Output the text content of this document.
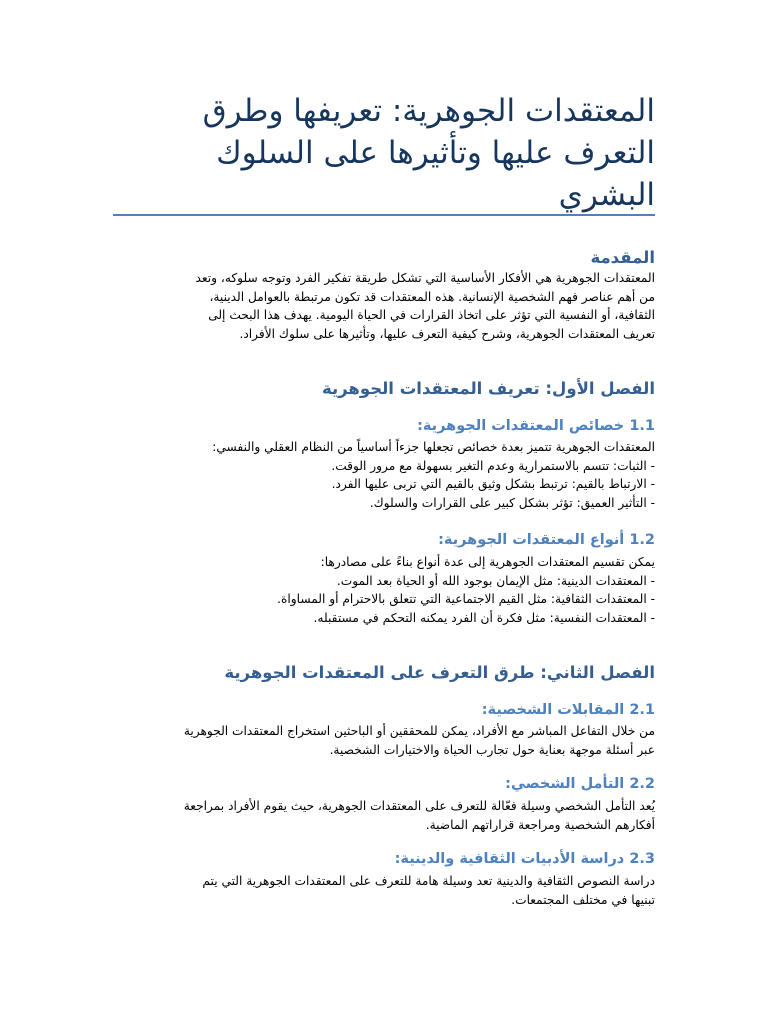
المعتقدات الجوهرية: تعريفها وطرق التعرف عليها وتأثيرها على السلوك البشري
المقدمة
المعتقدات الجوهرية هي الأفكار الأساسية التي تشكل طريقة تفكير الفرد وتوجه سلوكه، وتعد
من أهم عناصر فهم الشخصية الإنسانية. هذه المعتقدات قد تكون مرتبطة بالعوامل الدينية،
الثقافية، أو النفسية التي تؤثر على اتخاذ القرارات في الحياة اليومية. يهدف هذا البحث إلى
تعريف المعتقدات الجوهرية، وشرح كيفية التعرف عليها، وتأثيرها على سلوك الأفراد.
الفصل الأول: تعريف المعتقدات الجوهرية
1.1 خصائص المعتقدات الجوهرية:
المعتقدات الجوهرية تتميز بعدة خصائص تجعلها جزءاً أساسياً من النظام العقلي والنفسي:
- الثبات: تتسم بالاستمرارية وعدم التغير بسهولة مع مرور الوقت.
- الارتباط بالقيم: ترتبط بشكل وثيق بالقيم التي تربى عليها الفرد.
- التأثير العميق: تؤثر بشكل كبير على القرارات والسلوك.
1.2 أنواع المعتقدات الجوهرية:
يمكن تقسيم المعتقدات الجوهرية إلى عدة أنواع بناءً على مصادرها:
- المعتقدات الدينية: مثل الإيمان بوجود الله أو الحياة بعد الموت.
- المعتقدات الثقافية: مثل القيم الاجتماعية التي تتعلق بالاحترام أو المساواة.
- المعتقدات النفسية: مثل فكرة أن الفرد يمكنه التحكم في مستقبله.
الفصل الثاني: طرق التعرف على المعتقدات الجوهرية
2.1 المقابلات الشخصية:
من خلال التفاعل المباشر مع الأفراد، يمكن للمحققين أو الباحثين استخراج المعتقدات الجوهرية
عبر أسئلة موجهة بعناية حول تجارب الحياة والاختيارات الشخصية.
2.2 التأمل الشخصي:
يُعد التأمل الشخصي وسيلة فعّالة للتعرف على المعتقدات الجوهرية، حيث يقوم الأفراد بمراجعة
أفكارهم الشخصية ومراجعة قراراتهم الماضية.
2.3 دراسة الأدبيات الثقافية والدينية:
دراسة النصوص الثقافية والدينية تعد وسيلة هامة للتعرف على المعتقدات الجوهرية التي يتم
تبنيها في مختلف المجتمعات.
